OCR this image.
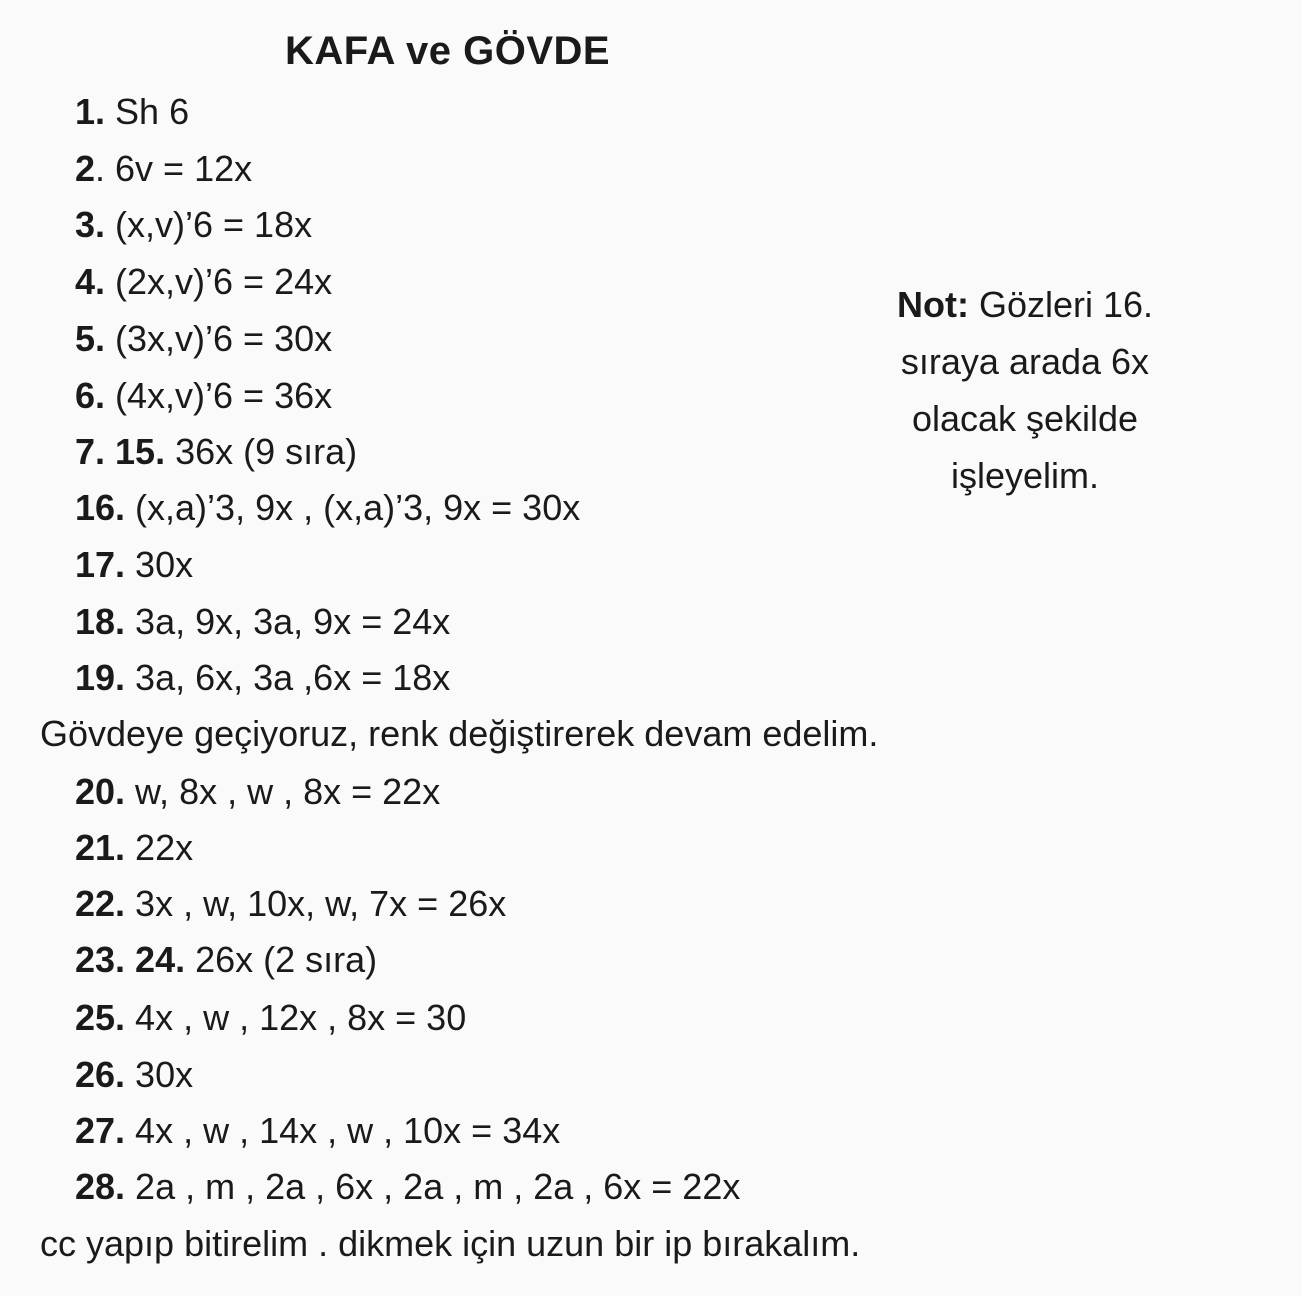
KAFA ve GÖVDE
1. Sh 6
2. 6v = 12x
3. (x,v)’6 = 18x
4. (2x,v)’6 = 24x
5. (3x,v)’6 = 30x
6. (4x,v)’6 = 36x
7. 15. 36x (9 sıra)
16. (x,a)’3, 9x , (x,a)’3, 9x = 30x
17. 30x
18. 3a, 9x, 3a, 9x = 24x
19. 3a, 6x, 3a ,6x = 18x
Gövdeye geçiyoruz, renk değiştirerek devam edelim.
20. w, 8x , w , 8x = 22x
21. 22x
22. 3x , w, 10x, w, 7x = 26x
23. 24. 26x (2 sıra)
25. 4x , w , 12x , 8x = 30
26. 30x
27. 4x , w , 14x , w , 10x = 34x
28. 2a , m , 2a , 6x , 2a , m , 2a , 6x = 22x
cc yapıp bitirelim . dikmek için uzun bir ip bırakalım.
Not: Gözleri 16.
sıraya arada 6x
olacak şekilde
işleyelim.
